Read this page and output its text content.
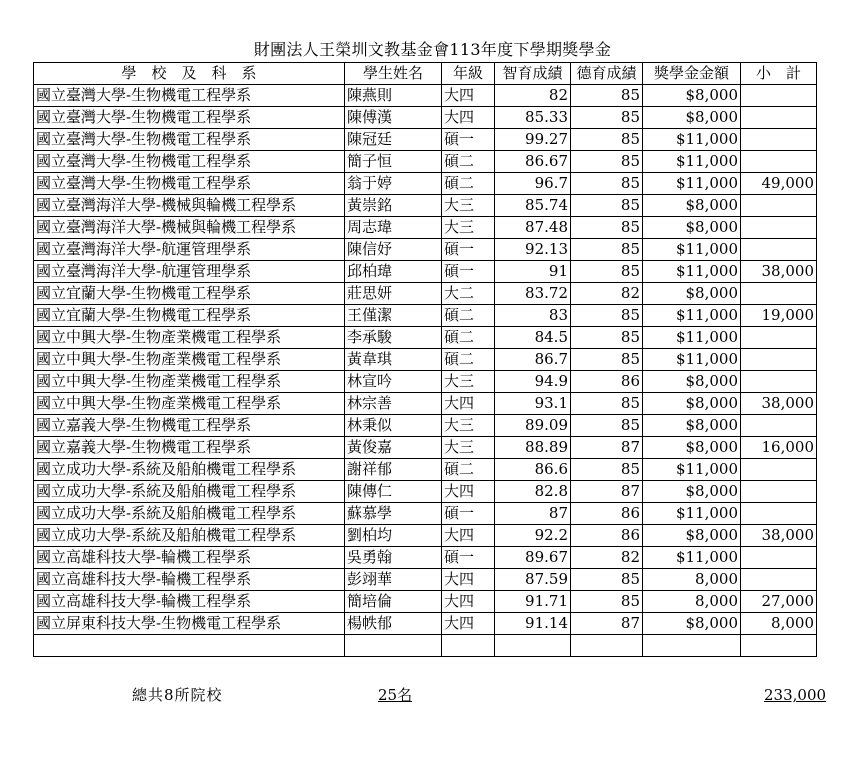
財團法人王榮圳文教基金會113年度下學期獎學金
學　校　及　科　系	學生姓名	年級	智育成績	德育成績	獎學金金額	小　計
國立臺灣大學-生物機電工程學系	陳燕則	大四	82	85	$8,000	
國立臺灣大學-生物機電工程學系	陳傅漢	大四	85.33	85	$8,000	
國立臺灣大學-生物機電工程學系	陳冠廷	碩一	99.27	85	$11,000	
國立臺灣大學-生物機電工程學系	簡子恒	碩二	86.67	85	$11,000	
國立臺灣大學-生物機電工程學系	翁于婷	碩二	96.7	85	$11,000	49,000
國立臺灣海洋大學-機械與輪機工程學系	黃崇銘	大三	85.74	85	$8,000	
國立臺灣海洋大學-機械與輪機工程學系	周志瑋	大三	87.48	85	$8,000	
國立臺灣海洋大學-航運管理學系	陳信妤	碩一	92.13	85	$11,000	
國立臺灣海洋大學-航運管理學系	邱柏瑋	碩一	91	85	$11,000	38,000
國立宜蘭大學-生物機電工程學系	莊思妍	大二	83.72	82	$8,000	
國立宜蘭大學-生物機電工程學系	王僅潔	碩二	83	85	$11,000	19,000
國立中興大學-生物產業機電工程學系	李承駿	碩二	84.5	85	$11,000	
國立中興大學-生物產業機電工程學系	黃韋琪	碩二	86.7	85	$11,000	
國立中興大學-生物產業機電工程學系	林宣吟	大三	94.9	86	$8,000	
國立中興大學-生物產業機電工程學系	林宗善	大四	93.1	85	$8,000	38,000
國立嘉義大學-生物機電工程學系	林秉似	大三	89.09	85	$8,000	
國立嘉義大學-生物機電工程學系	黃俊嘉	大三	88.89	87	$8,000	16,000
國立成功大學-系統及船舶機電工程學系	謝祥郁	碩二	86.6	85	$11,000	
國立成功大學-系統及船舶機電工程學系	陳傳仁	大四	82.8	87	$8,000	
國立成功大學-系統及船舶機電工程學系	蘇慕學	碩一	87	86	$11,000	
國立成功大學-系統及船舶機電工程學系	劉柏均	大四	92.2	86	$8,000	38,000
國立高雄科技大學-輪機工程學系	吳勇翰	碩一	89.67	82	$11,000	
國立高雄科技大學-輪機工程學系	彭翊華	大四	87.59	85	8,000	
國立高雄科技大學-輪機工程學系	簡培倫	大四	91.71	85	8,000	27,000
國立屏東科技大學-生物機電工程學系	楊帙郁	大四	91.14	87	$8,000	8,000

總共8所院校	25名	233,000
